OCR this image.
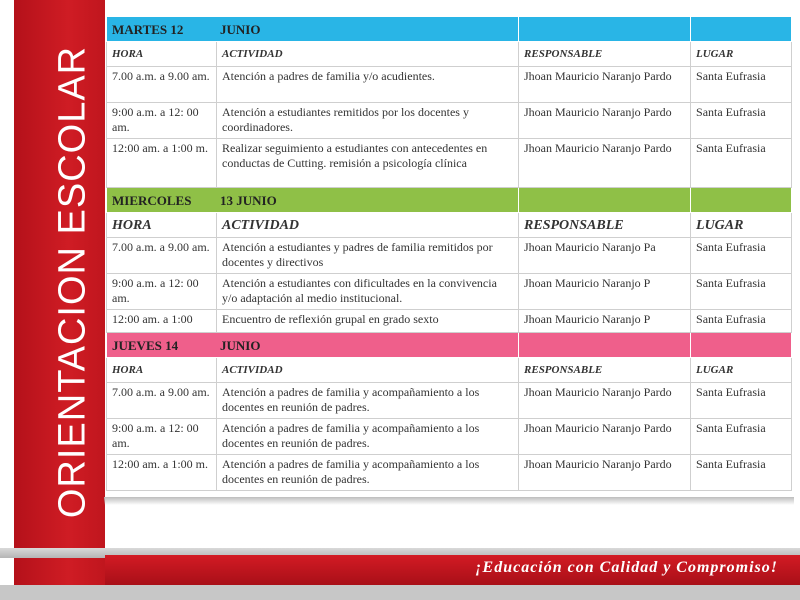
ORIENTACION ESCOLAR
MARTES 12 JUNIO			
HORA	ACTIVIDAD	RESPONSABLE	LUGAR
7.00 a.m. a 9.00 am.	Atención a padres de familia y/o acudientes.	Jhoan Mauricio Naranjo Pardo	Santa Eufrasia
9:00 a.m. a 12: 00 am.	Atención a estudiantes remitidos por los docentes y coordinadores.	Jhoan Mauricio Naranjo Pardo	Santa Eufrasia
12:00 am. a 1:00 m.	Realizar seguimiento a estudiantes con antecedentes en conductas de Cutting. remisión a psicología clínica	Jhoan Mauricio Naranjo Pardo	Santa Eufrasia
MIERCOLES 13 JUNIO			
HORA	ACTIVIDAD	RESPONSABLE	LUGAR
7.00 a.m. a 9.00 am.	Atención a estudiantes y padres de familia remitidos por docentes y directivos	Jhoan Mauricio Naranjo Pa	Santa Eufrasia
9:00 a.m. a 12: 00 am.	Atención a estudiantes con dificultades en la convivencia y/o adaptación al medio institucional.	Jhoan Mauricio Naranjo P	Santa Eufrasia
12:00 am. a 1:00	Encuentro de reflexión grupal en grado sexto	Jhoan Mauricio Naranjo P	Santa Eufrasia
JUEVES 14 JUNIO			
HORA	ACTIVIDAD	RESPONSABLE	LUGAR
7.00 a.m. a 9.00 am.	Atención a padres de familia y acompañamiento a los docentes en reunión de padres.	Jhoan Mauricio Naranjo Pardo	Santa Eufrasia
9:00 a.m. a 12: 00 am.	Atención a padres de familia y acompañamiento a los docentes en reunión de padres.	Jhoan Mauricio Naranjo Pardo	Santa Eufrasia
12:00 am. a 1:00 m.	Atención a padres de familia y acompañamiento a los docentes en reunión de padres.	Jhoan Mauricio Naranjo Pardo	Santa Eufrasia
¡Educación con Calidad y Compromiso!
